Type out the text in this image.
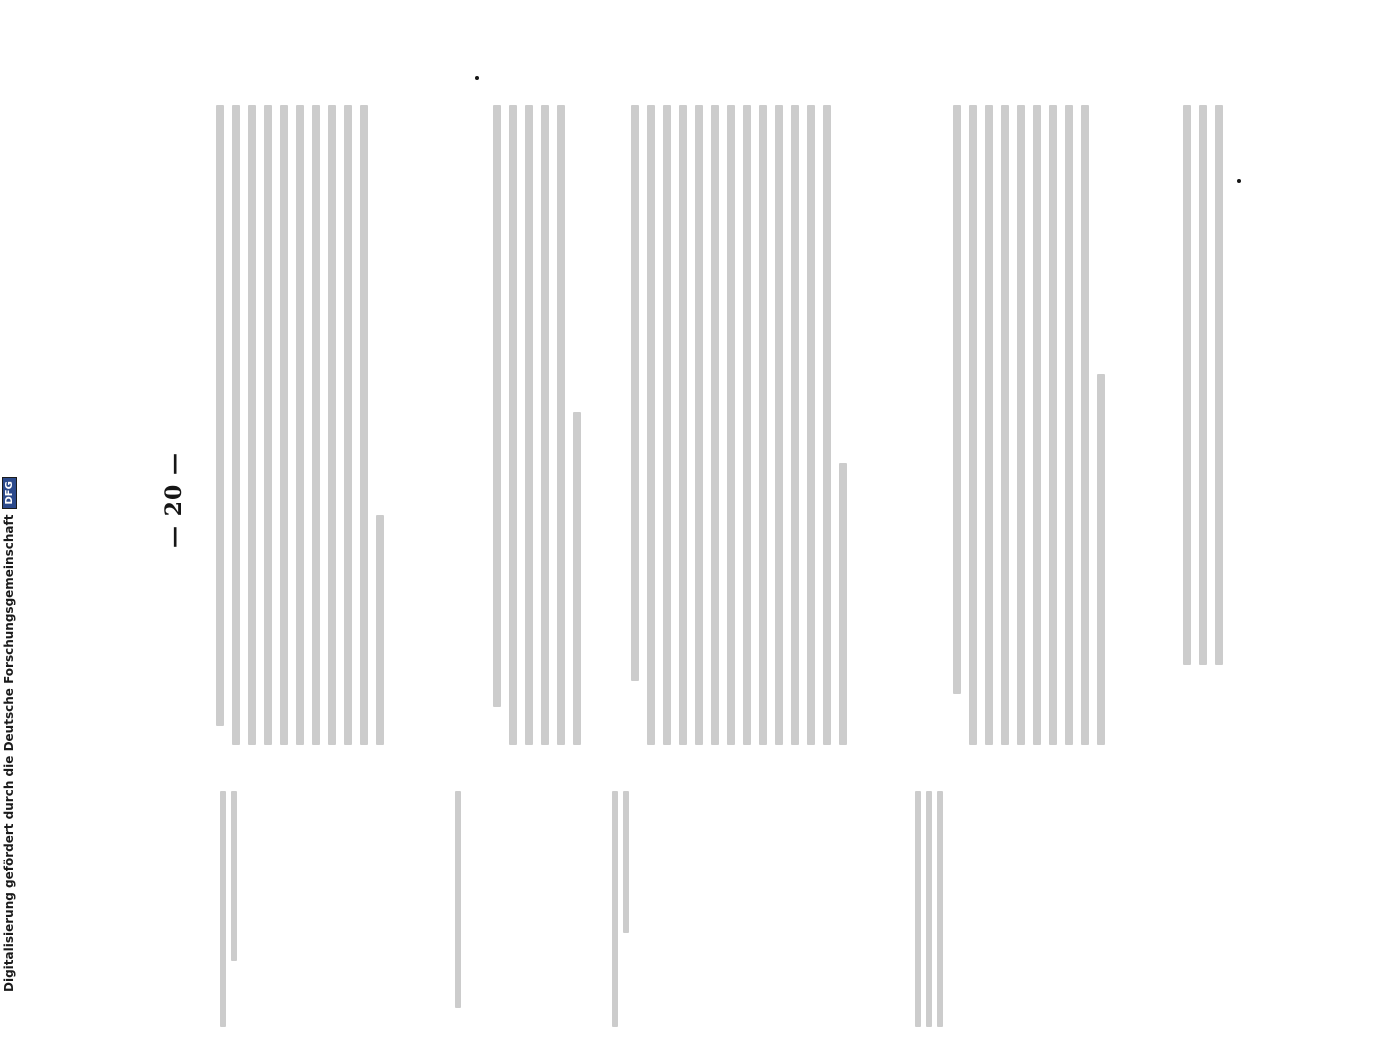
— 20 —
Digitalisierung gefördert durch die Deutsche Forschungsgemeinschaft
DFG
